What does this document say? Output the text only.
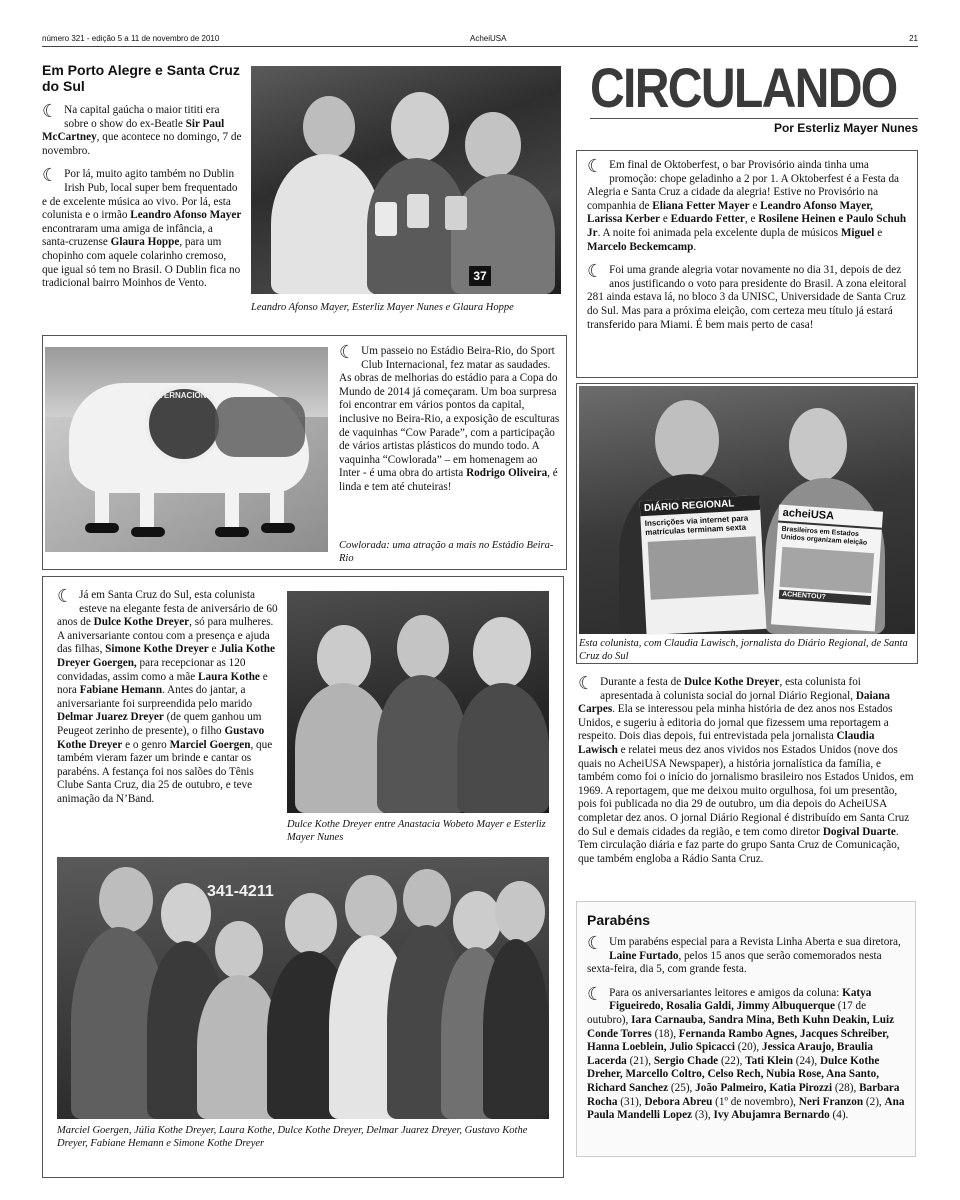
número 321 - edição 5 a 11 de novembro de 2010	AcheiUSA	21
CIRCULANDO
Por Esterliz Mayer Nunes
Em Porto Alegre e Santa Cruz do Sul

☾ Na capital gaúcha o maior tititi era sobre o show do ex-Beatle Sir Paul McCartney, que acontece no domingo, 7 de novembro.

☾ Por lá, muito agito também no Dublin Irish Pub, local super bem frequentado e de excelente música ao vivo. Por lá, esta colunista e o irmão Leandro Afonso Mayer encontraram uma amiga de infância, a santa-cruzense Glaura Hoppe, para um chopinho com aquele colarinho cremoso, que igual só tem no Brasil. O Dublin fica no tradicional bairro Moinhos de Vento.

37
Leandro Afonso Mayer, Esterliz Mayer Nunes e Glaura Hoppe

☾ Em final de Oktoberfest, o bar Provisório ainda tinha uma promoção: chope geladinho a 2 por 1. A Oktoberfest é a Festa da Alegria e Santa Cruz a cidade da alegria! Estive no Provisório na companhia de Eliana Fetter Mayer e Leandro Afonso Mayer, Larissa Kerber e Eduardo Fetter, e Rosilene Heinen e Paulo Schuh Jr. A noite foi animada pela excelente dupla de músicos Miguel e Marcelo Beckemcamp.

☾ Foi uma grande alegria votar novamente no dia 31, depois de dez anos justificando o voto para presidente do Brasil. A zona eleitoral 281 ainda estava lá, no bloco 3 da UNISC, Universidade de Santa Cruz do Sul. Mas para a próxima eleição, com certeza meu título já estará transferido para Miami. É bem mais perto de casa!

INTERNACIONAL

☾ Um passeio no Estádio Beira-Rio, do Sport Club Internacional, fez matar as saudades. As obras de melhorias do estádio para a Copa do Mundo de 2014 já começaram. Um boa surpresa foi encontrar em vários pontos da capital, inclusive no Beira-Rio, a exposição de esculturas de vaquinhas “Cow Parade”, com a participação de vários artistas plásticos do mundo todo. A vaquinha “Cowlorada” – em homenagem ao Inter - é uma obra do artista Rodrigo Oliveira, é linda e tem até chuteiras!

Cowlorada: uma atração a mais no Estádio Beira-Rio
DIÁRIO REGIONAL
Inscrições via internet para matrículas terminam sexta
acheiUSA
Brasileiros em Estados Unidos organizam eleição
ACHENTOU?
Esta colunista, com Claudia Lawisch, jornalista do Diário Regional, de Santa Cruz do Sul

☾ Já em Santa Cruz do Sul, esta colunista esteve na elegante festa de aniversário de 60 anos de Dulce Kothe Dreyer, só para mulheres. A aniversariante contou com a presença e ajuda das filhas, Simone Kothe Dreyer e Julia Kothe Dreyer Goergen, para recepcionar as 120 convidadas, assim como a mãe Laura Kothe e nora Fabiane Hemann. Antes do jantar, a aniversariante foi surpreendida pelo marido Delmar Juarez Dreyer (de quem ganhou um Peugeot zerinho de presente), o filho Gustavo Kothe Dreyer e o genro Marciel Goergen, que também vieram fazer um brinde e cantar os parabéns. A festança foi nos salões do Tênis Clube Santa Cruz, dia 25 de outubro, e teve animação da N’Band.

Dulce Kothe Dreyer entre Anastacia Wobeto Mayer e Esterliz Mayer Nunes
341-4211
Marciel Goergen, Júlia Kothe Dreyer, Laura Kothe, Dulce Kothe Dreyer, Delmar Juarez Dreyer, Gustavo Kothe Dreyer, Fabiane Hemann e Simone Kothe Dreyer

☾ Durante a festa de Dulce Kothe Dreyer, esta colunista foi apresentada à colunista social do jornal Diário Regional, Daiana Carpes. Ela se interessou pela minha história de dez anos nos Estados Unidos, e sugeriu à editoria do jornal que fizessem uma reportagem a respeito. Dois dias depois, fui entrevistada pela jornalista Claudia Lawisch e relatei meus dez anos vividos nos Estados Unidos (nove dos quais no AcheiUSA Newspaper), a história jornalística da família, e também como foi o início do jornalismo brasileiro nos Estados Unidos, em 1969. A reportagem, que me deixou muito orgulhosa, foi um presentão, pois foi publicada no dia 29 de outubro, um dia depois do AcheiUSA completar dez anos. O jornal Diário Regional é distribuído em Santa Cruz do Sul e demais cidades da região, e tem como diretor Dogival Duarte. Tem circulação diária e faz parte do grupo Santa Cruz de Comunicação, que também engloba a Rádio Santa Cruz.

Parabéns

☾ Um parabéns especial para a Revista Linha Aberta e sua diretora, Laine Furtado, pelos 15 anos que serão comemorados nesta sexta-feira, dia 5, com grande festa.

☾ Para os aniversariantes leitores e amigos da coluna: Katya Figueiredo, Rosalia Galdi, Jimmy Albuquerque (17 de outubro), Iara Carnauba, Sandra Mina, Beth Kuhn Deakin, Luiz Conde Torres (18), Fernanda Rambo Agnes, Jacques Schreiber, Hanna Loeblein, Julio Spicacci (20), Jessica Araujo, Braulia Lacerda (21), Sergio Chade (22), Tati Klein (24), Dulce Kothe Dreher, Marcello Coltro, Celso Rech, Nubia Rose, Ana Santo, Richard Sanchez (25), João Palmeiro, Katia Pirozzi (28), Barbara Rocha (31), Debora Abreu (1º de novembro), Neri Franzon (2), Ana Paula Mandelli Lopez (3), Ivy Abujamra Bernardo (4).
